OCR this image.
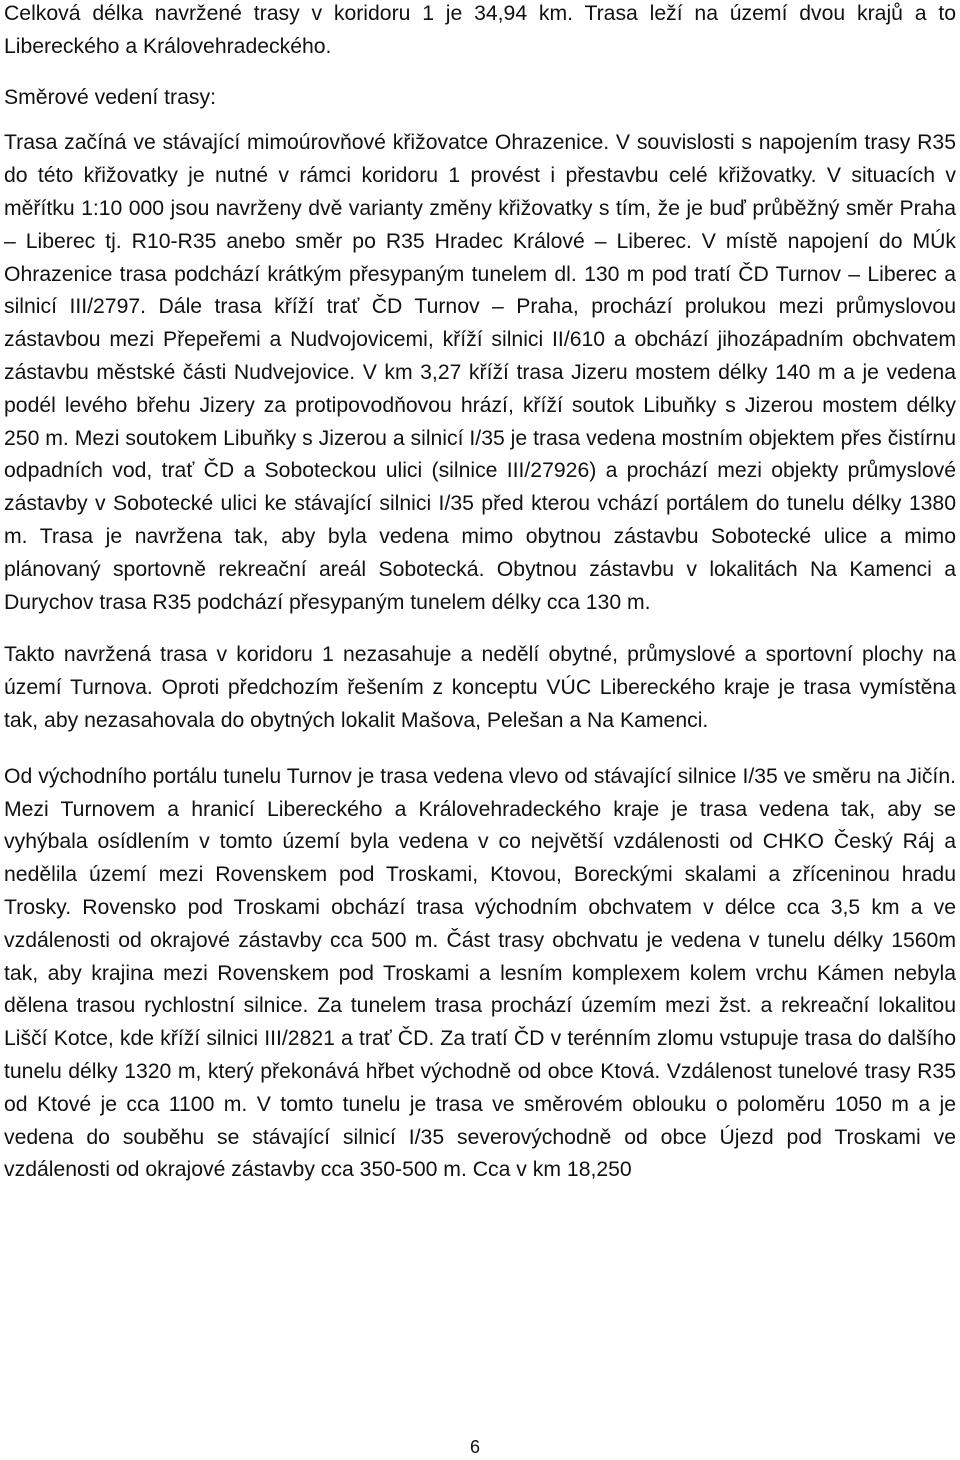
Celková délka navržené trasy v koridoru 1 je 34,94 km. Trasa leží na území dvou krajů a to Libereckého a Královehradeckého.

Směrové vedení trasy:

Trasa začíná ve stávající mimoúrovňové křižovatce Ohrazenice. V souvislosti s napojením trasy R35 do této křižovatky je nutné v rámci koridoru 1 provést i přestavbu celé křižovatky. V situacích v měřítku 1:10 000 jsou navrženy dvě varianty změny křižovatky s tím, že je buď průběžný směr Praha – Liberec tj. R10-R35 anebo směr po R35 Hradec Králové – Liberec. V místě napojení do MÚk Ohrazenice trasa podchází krátkým přesypaným tunelem dl. 130 m pod tratí ČD Turnov – Liberec a silnicí III/2797. Dále trasa kříží trať ČD Turnov – Praha, prochází prolukou mezi průmyslovou zástavbou mezi Přepeřemi a Nudvojovicemi, kříží silnici II/610 a obchází jihozápadním obchvatem zástavbu městské části Nudvejovice. V km 3,27 kříží trasa Jizeru mostem délky 140 m a je vedena podél levého břehu Jizery za protipovodňovou hrází, kříží soutok Libuňky s Jizerou mostem délky 250 m. Mezi soutokem Libuňky s Jizerou a silnicí I/35 je trasa vedena mostním objektem přes čistírnu odpadních vod, trať ČD a Soboteckou ulici (silnice III/27926) a prochází mezi objekty průmyslové zástavby v Sobotecké ulici ke stávající silnici I/35 před kterou vchází portálem do tunelu délky 1380 m. Trasa je navržena tak, aby byla vedena mimo obytnou zástavbu Sobotecké ulice a mimo plánovaný sportovně rekreační areál Sobotecká. Obytnou zástavbu v lokalitách Na Kamenci a Durychov trasa R35 podchází přesypaným tunelem délky cca 130 m.

Takto navržená trasa v koridoru 1 nezasahuje a nedělí obytné, průmyslové a sportovní plochy na území Turnova. Oproti předchozím řešením z konceptu VÚC Libereckého kraje je trasa vymístěna tak, aby nezasahovala do obytných lokalit Mašova, Pelešan a Na Kamenci.

Od východního portálu tunelu Turnov je trasa vedena vlevo od stávající silnice I/35 ve směru na Jičín. Mezi Turnovem a hranicí Libereckého a Královehradeckého kraje je trasa vedena tak, aby se vyhýbala osídlením v tomto území byla vedena v co největší vzdálenosti od CHKO Český Ráj a nedělila území mezi Rovenskem pod Troskami, Ktovou, Boreckými skalami a zříceninou hradu Trosky. Rovensko pod Troskami obchází trasa východním obchvatem v délce cca 3,5 km a ve vzdálenosti od okrajové zástavby cca 500 m. Část trasy obchvatu je vedena v tunelu délky 1560m tak, aby krajina mezi Rovenskem pod Troskami a lesním komplexem kolem vrchu Kámen nebyla dělena trasou rychlostní silnice. Za tunelem trasa prochází územím mezi žst. a rekreační lokalitou Liščí Kotce, kde kříží silnici III/2821 a trať ČD. Za tratí ČD v terénním zlomu vstupuje trasa do dalšího tunelu délky 1320 m, který překonává hřbet východně od obce Ktová. Vzdálenost tunelové trasy R35 od Ktové je cca 1100 m. V tomto tunelu je trasa ve směrovém oblouku o poloměru 1050 m a je vedena do souběhu se stávající silnicí I/35 severovýchodně od obce Újezd pod Troskami ve vzdálenosti od okrajové zástavby cca 350-500 m. Cca v km 18,250

6
